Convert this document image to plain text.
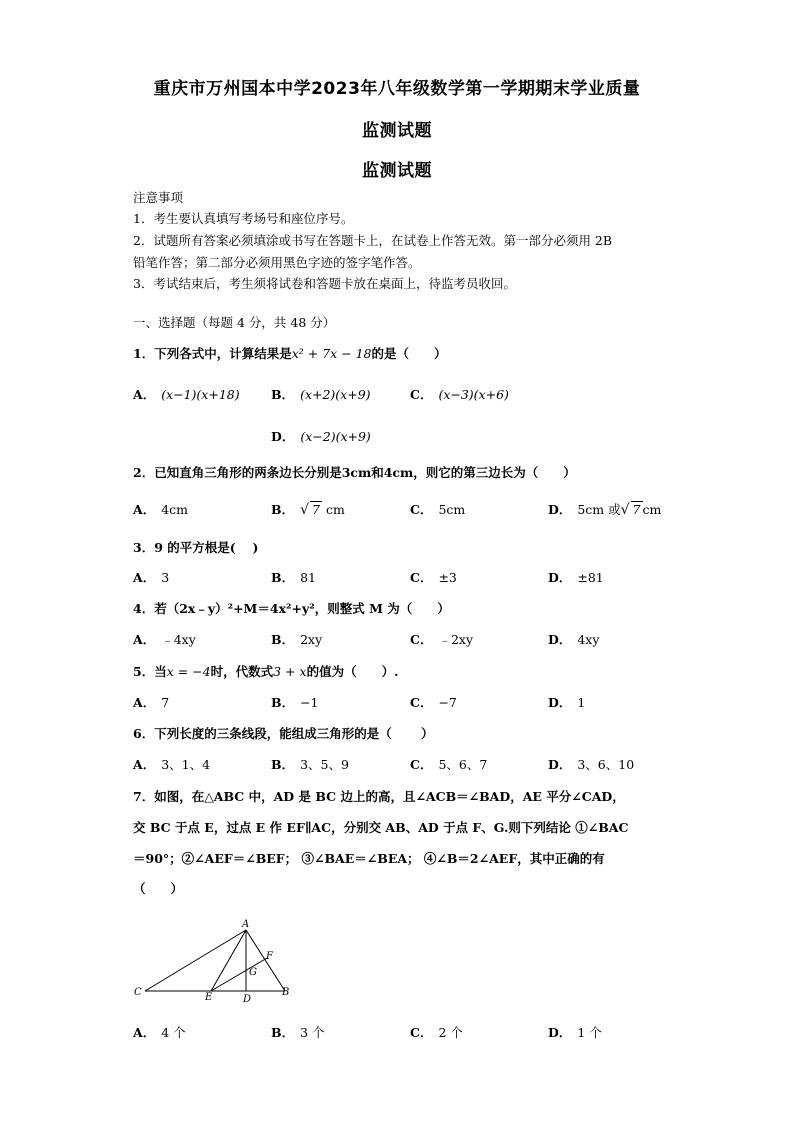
重庆市万州国本中学2023年八年级数学第一学期期末学业质量
监测试题
监测试题
注意事项
1．考生要认真填写考场号和座位序号。
2．试题所有答案必须填涂或书写在答题卡上，在试卷上作答无效。第一部分必须用 2B
铅笔作答；第二部分必须用黑色字迹的签字笔作答。
3．考试结束后，考生须将试卷和答题卡放在桌面上，待监考员收回。
一、选择题（每题 4 分，共 48 分）
1．下列各式中，计算结果是x² + 7x − 18的是（　　）
A． (x−1)(x+18)	B． (x+2)(x+9)	C． (x−3)(x+6)
D． (x−2)(x+9)
2．已知直角三角形的两条边长分别是3cm和4cm，则它的第三边长为（　　）
A． 4cm	B． √ 7 cm	C． 5cm	D． 5cm 或√ 7 cm
3．9 的平方根是(　 )
A． 3	B． 81	C． ±3	D． ±81
4．若（2x﹣y）²+M＝4x²+y²，则整式 M 为（　　）
A． ﹣4xy	B． 2xy	C． ﹣2xy	D． 4xy
5．当x = −4时，代数式3 + x的值为（　　）.
A． 7	B． −1	C． −7	D． 1
6．下列长度的三条线段，能组成三角形的是（　　 ）
A． 3、1、4	B． 3、5、9	C． 5、6、7	D． 3、6、10
7．如图，在△ABC 中，AD 是 BC 边上的高，且∠ACB＝∠BAD，AE 平分∠CAD，
交 BC 于点 E，过点 E 作 EF∥AC，分别交 AB、AD 于点 F、G.则下列结论 ①∠BAC
＝90°；②∠AEF＝∠BEF； ③∠BAE＝∠BEA； ④∠B＝2∠AEF，其中正确的有
（　　）
A
B
C
D
E
F
G
A． 4 个	B． 3 个	C． 2 个	D． 1 个
